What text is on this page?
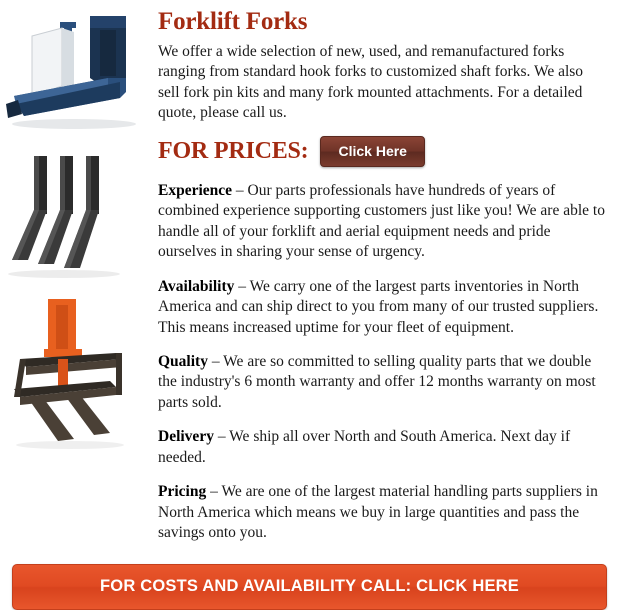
Forklift Forks

We offer a wide selection of new, used, and remanufactured forks ranging from standard hook forks to customized shaft forks. We also sell fork pin kits and many fork mounted attachments. For a detailed quote, please call us.

FOR PRICES:	Click Here

Experience – Our parts professionals have hundreds of years of combined experience supporting customers just like you! We are able to handle all of your forklift and aerial equipment needs and pride ourselves in sharing your sense of urgency.

Availability – We carry one of the largest parts inventories in North America and can ship direct to you from many of our trusted suppliers. This means increased uptime for your fleet of equipment.

Quality – We are so committed to selling quality parts that we double the industry's 6 month warranty and offer 12 months warranty on most parts sold.

Delivery – We ship all over North and South America. Next day if needed.

Pricing – We are one of the largest material handling parts suppliers in North America which means we buy in large quantities and pass the savings onto you.

FOR COSTS AND AVAILABILITY CALL: CLICK HERE
